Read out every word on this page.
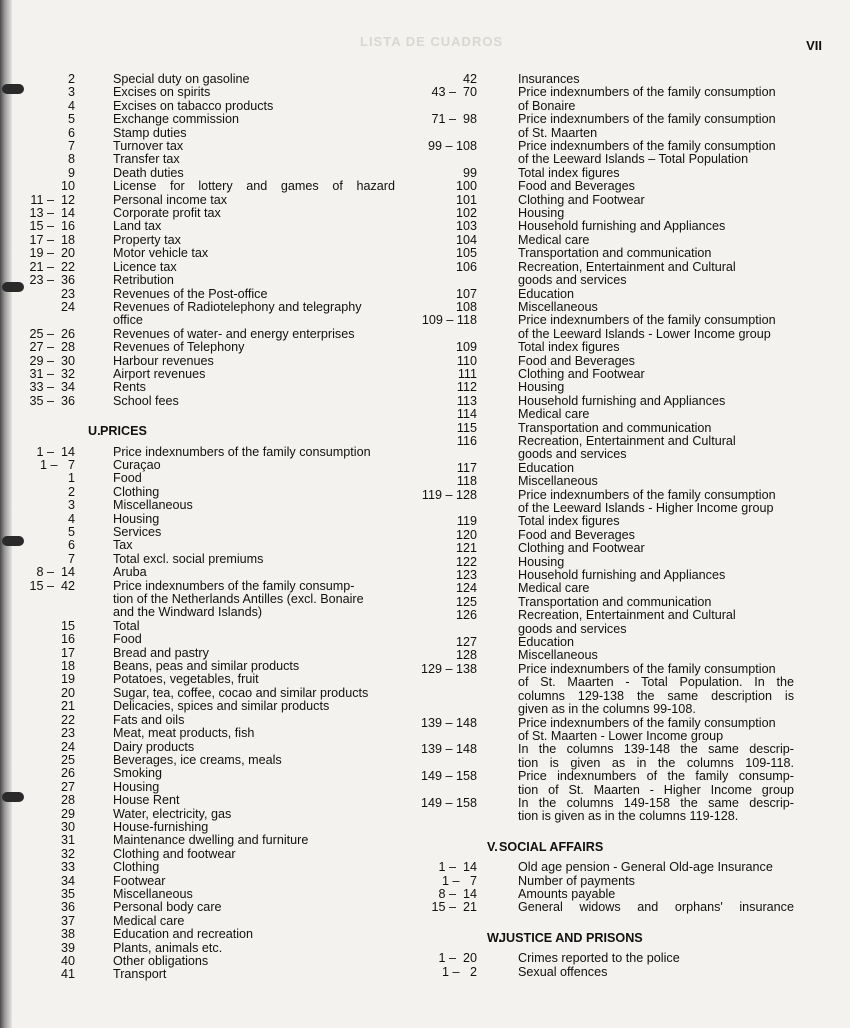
LISTA DE CUADROS	VII
2	Special duty on gasoline
3	Excises on spirits
4	Excises on tabacco products
5	Exchange commission
6	Stamp duties
7	Turnover tax
8	Transfer tax
9	Death duties
10	License for lottery and games of hazard
11 –  12	Personal income tax
13 –  14	Corporate profit tax
15 –  16	Land tax
17 –  18	Property tax
19 –  20	Motor vehicle tax
21 –  22	Licence tax
23 –  36	Retribution
23	Revenues of the Post-office
24	Revenues of Radiotelephony and telegraphy
office
25 –  26	Revenues of water- and energy enterprises
27 –  28	Revenues of Telephony
29 –  30	Harbour revenues
31 –  32	Airport revenues
33 –  34	Rents
35 –  36	School fees
U. PRICES
1 –  14	Price indexnumbers of the family consumption
1 –   7	Curaçao
1	Food
2	Clothing
3	Miscellaneous
4	Housing
5	Services
6	Tax
7	Total excl. social premiums
8 –  14	Aruba
15 –  42	Price indexnumbers of the family consump-
tion of the Netherlands Antilles (excl. Bonaire
and the Windward Islands)
15	Total
16	Food
17	Bread and pastry
18	Beans, peas and similar products
19	Potatoes, vegetables, fruit
20	Sugar, tea, coffee, cocao and similar products
21	Delicacies, spices and similar products
22	Fats and oils
23	Meat, meat products, fish
24	Dairy products
25	Beverages, ice creams, meals
26	Smoking
27	Housing
28	House Rent
29	Water, electricity, gas
30	House-furnishing
31	Maintenance dwelling and furniture
32	Clothing and footwear
33	Clothing
34	Footwear
35	Miscellaneous
36	Personal body care
37	Medical care
38	Education and recreation
39	Plants, animals etc.
40	Other obligations
41	Transport
42	Insurances
43 –  70	Price indexnumbers of the family consumption
of Bonaire
71 –  98	Price indexnumbers of the family consumption
of St. Maarten
99 – 108	Price indexnumbers of the family consumption
of the Leeward Islands – Total Population
99	Total index figures
100	Food and Beverages
101	Clothing and Footwear
102	Housing
103	Household furnishing and Appliances
104	Medical care
105	Transportation and communication
106	Recreation, Entertainment and Cultural
goods and services
107	Education
108	Miscellaneous
109 – 118	Price indexnumbers of the family consumption
of the Leeward Islands - Lower Income group
109	Total index figures
110	Food and Beverages
111	Clothing and Footwear
112	Housing
113	Household furnishing and Appliances
114	Medical care
115	Transportation and communication
116	Recreation, Entertainment and Cultural
goods and services
117	Education
118	Miscellaneous
119 – 128	Price indexnumbers of the family consumption
of the Leeward Islands - Higher Income group
119	Total index figures
120	Food and Beverages
121	Clothing and Footwear
122	Housing
123	Household furnishing and Appliances
124	Medical care
125	Transportation and communication
126	Recreation, Entertainment and Cultural
goods and services
127	Education
128	Miscellaneous
129 – 138	Price indexnumbers of the family consumption
of St. Maarten - Total Population. In the
columns 129-138 the same description is
given as in the columns 99-108.
139 – 148	Price indexnumbers of the family consumption
of St. Maarten - Lower Income group
139 – 148	In the columns 139-148 the same descrip-
tion is given as in the columns 109-118.
149 – 158	Price indexnumbers of the family consump-
tion of St. Maarten - Higher Income group
149 – 158	In the columns 149-158 the same descrip-
tion is given as in the columns 119-128.
V. SOCIAL AFFAIRS
1 –  14	Old age pension - General Old-age Insurance
1 –   7	Number of payments
8 –  14	Amounts payable
15 –  21	General widows and orphans' insurance
W.
JUSTICE AND PRISONS
1 –  20	Crimes reported to the police
1 –   2	Sexual offences
